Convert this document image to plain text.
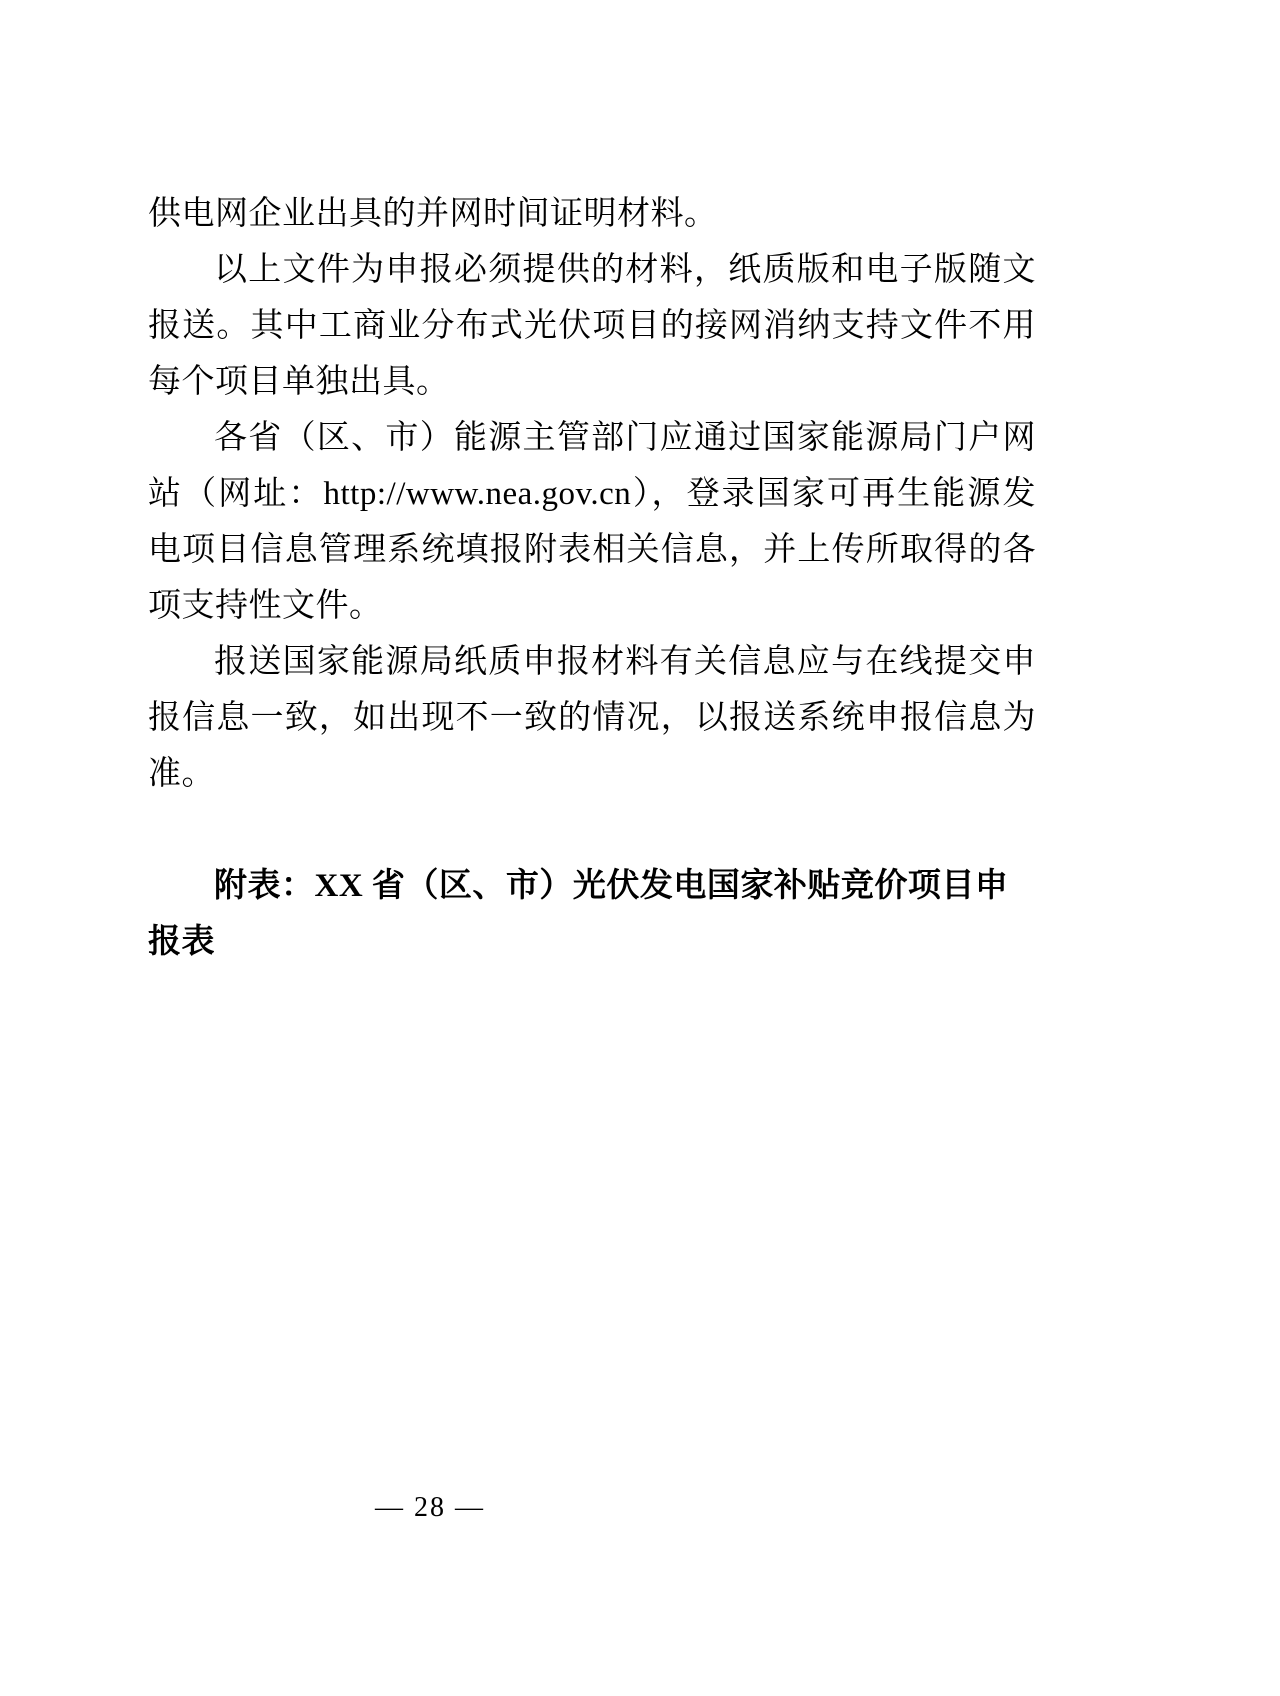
供电网企业出具的并网时间证明材料。

以上文件为申报必须提供的材料，纸质版和电子版随文报送。其中工商业分布式光伏项目的接网消纳支持文件不用每个项目单独出具。

各省（区、市）能源主管部门应通过国家能源局门户网站（网址：http://www.nea.gov.cn），登录国家可再生能源发电项目信息管理系统填报附表相关信息，并上传所取得的各项支持性文件。

报送国家能源局纸质申报材料有关信息应与在线提交申报信息一致，如出现不一致的情况，以报送系统申报信息为准。

附表：XX 省（区、市）光伏发电国家补贴竞价项目申报表

— 28 —
